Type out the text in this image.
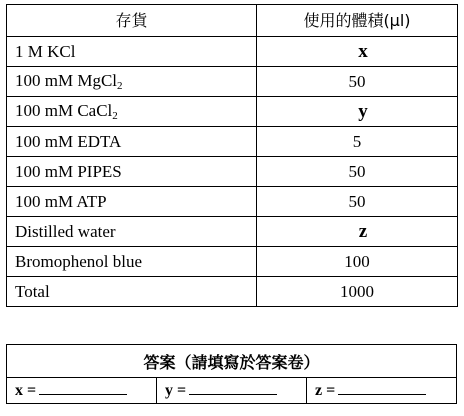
存貨	使用的體積(μl)
1 M KCl	x
100 mM MgCl$_2$	50
100 mM CaCl$_2$	y
100 mM EDTA	5
100 mM PIPES	50
100 mM ATP	50
Distilled water	z
Bromophenol blue	100
Total	1000
答案（請填寫於答案卷）
x =	y =	z =
